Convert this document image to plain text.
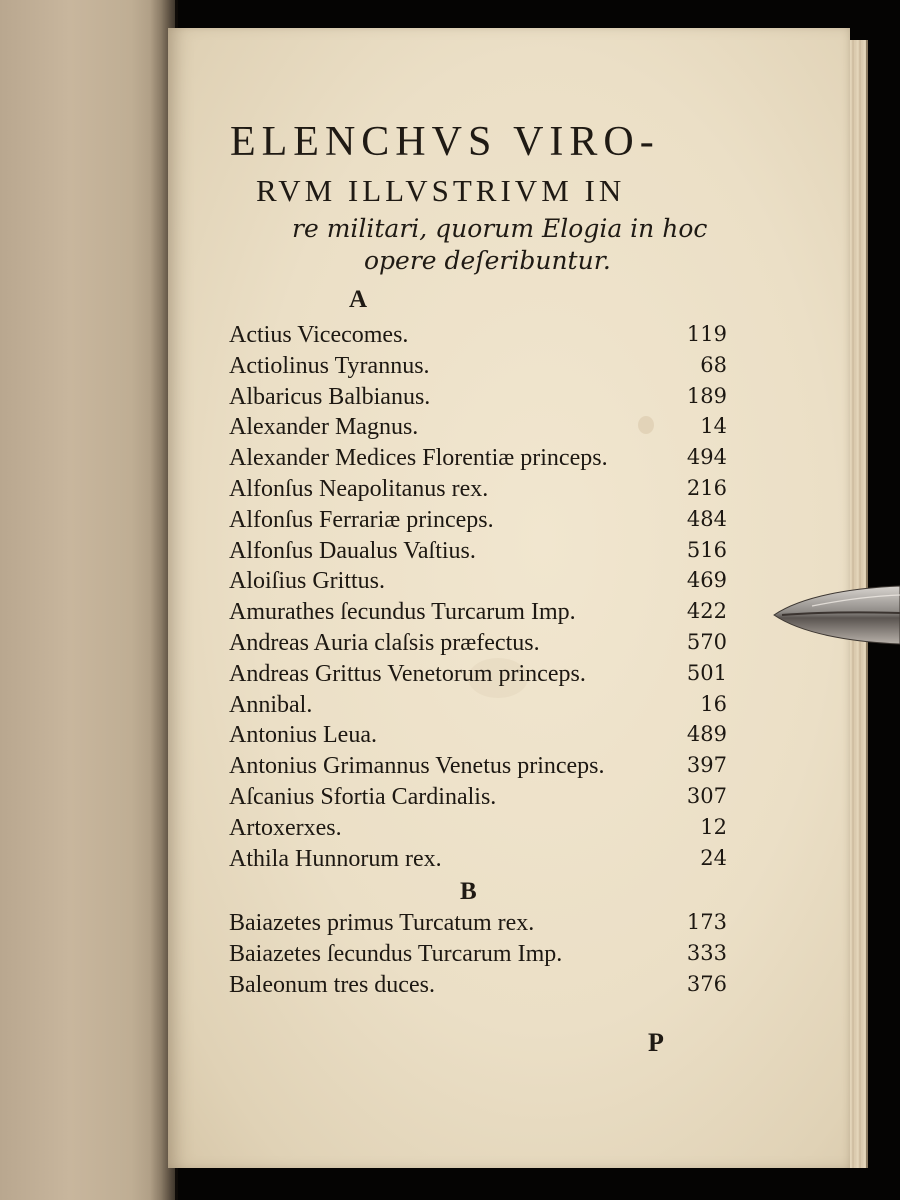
ELENCHVS VIRO-
RVM ILLVSTRIVM IN
re militari, quorum Elogia in hoc
opere deſeribuntur.
A
Actius Vicecomes.	119
Actiolinus Tyrannus.	68
Albaricus Balbianus.	189
Alexander Magnus.	14
Alexander Medices Florentiæ princeps.	494
Alfonſus Neapolitanus rex.	216
Alfonſus Ferrariæ princeps.	484
Alfonſus Daualus Vaſtius.	516
Aloiſius Grittus.	469
Amurathes ſecundus Turcarum Imp.	422
Andreas Auria claſsis præfectus.	570
Andreas Grittus Venetorum princeps.	501
Annibal.	16
Antonius Leua.	489
Antonius Grimannus Venetus princeps.	397
Aſcanius Sfortia Cardinalis.	307
Artoxerxes.	12
Athila Hunnorum rex.	24
B
Baiazetes primus Turcatum rex.	173
Baiazetes ſecundus Turcarum Imp.	333
Baleonum tres duces.	376
P
